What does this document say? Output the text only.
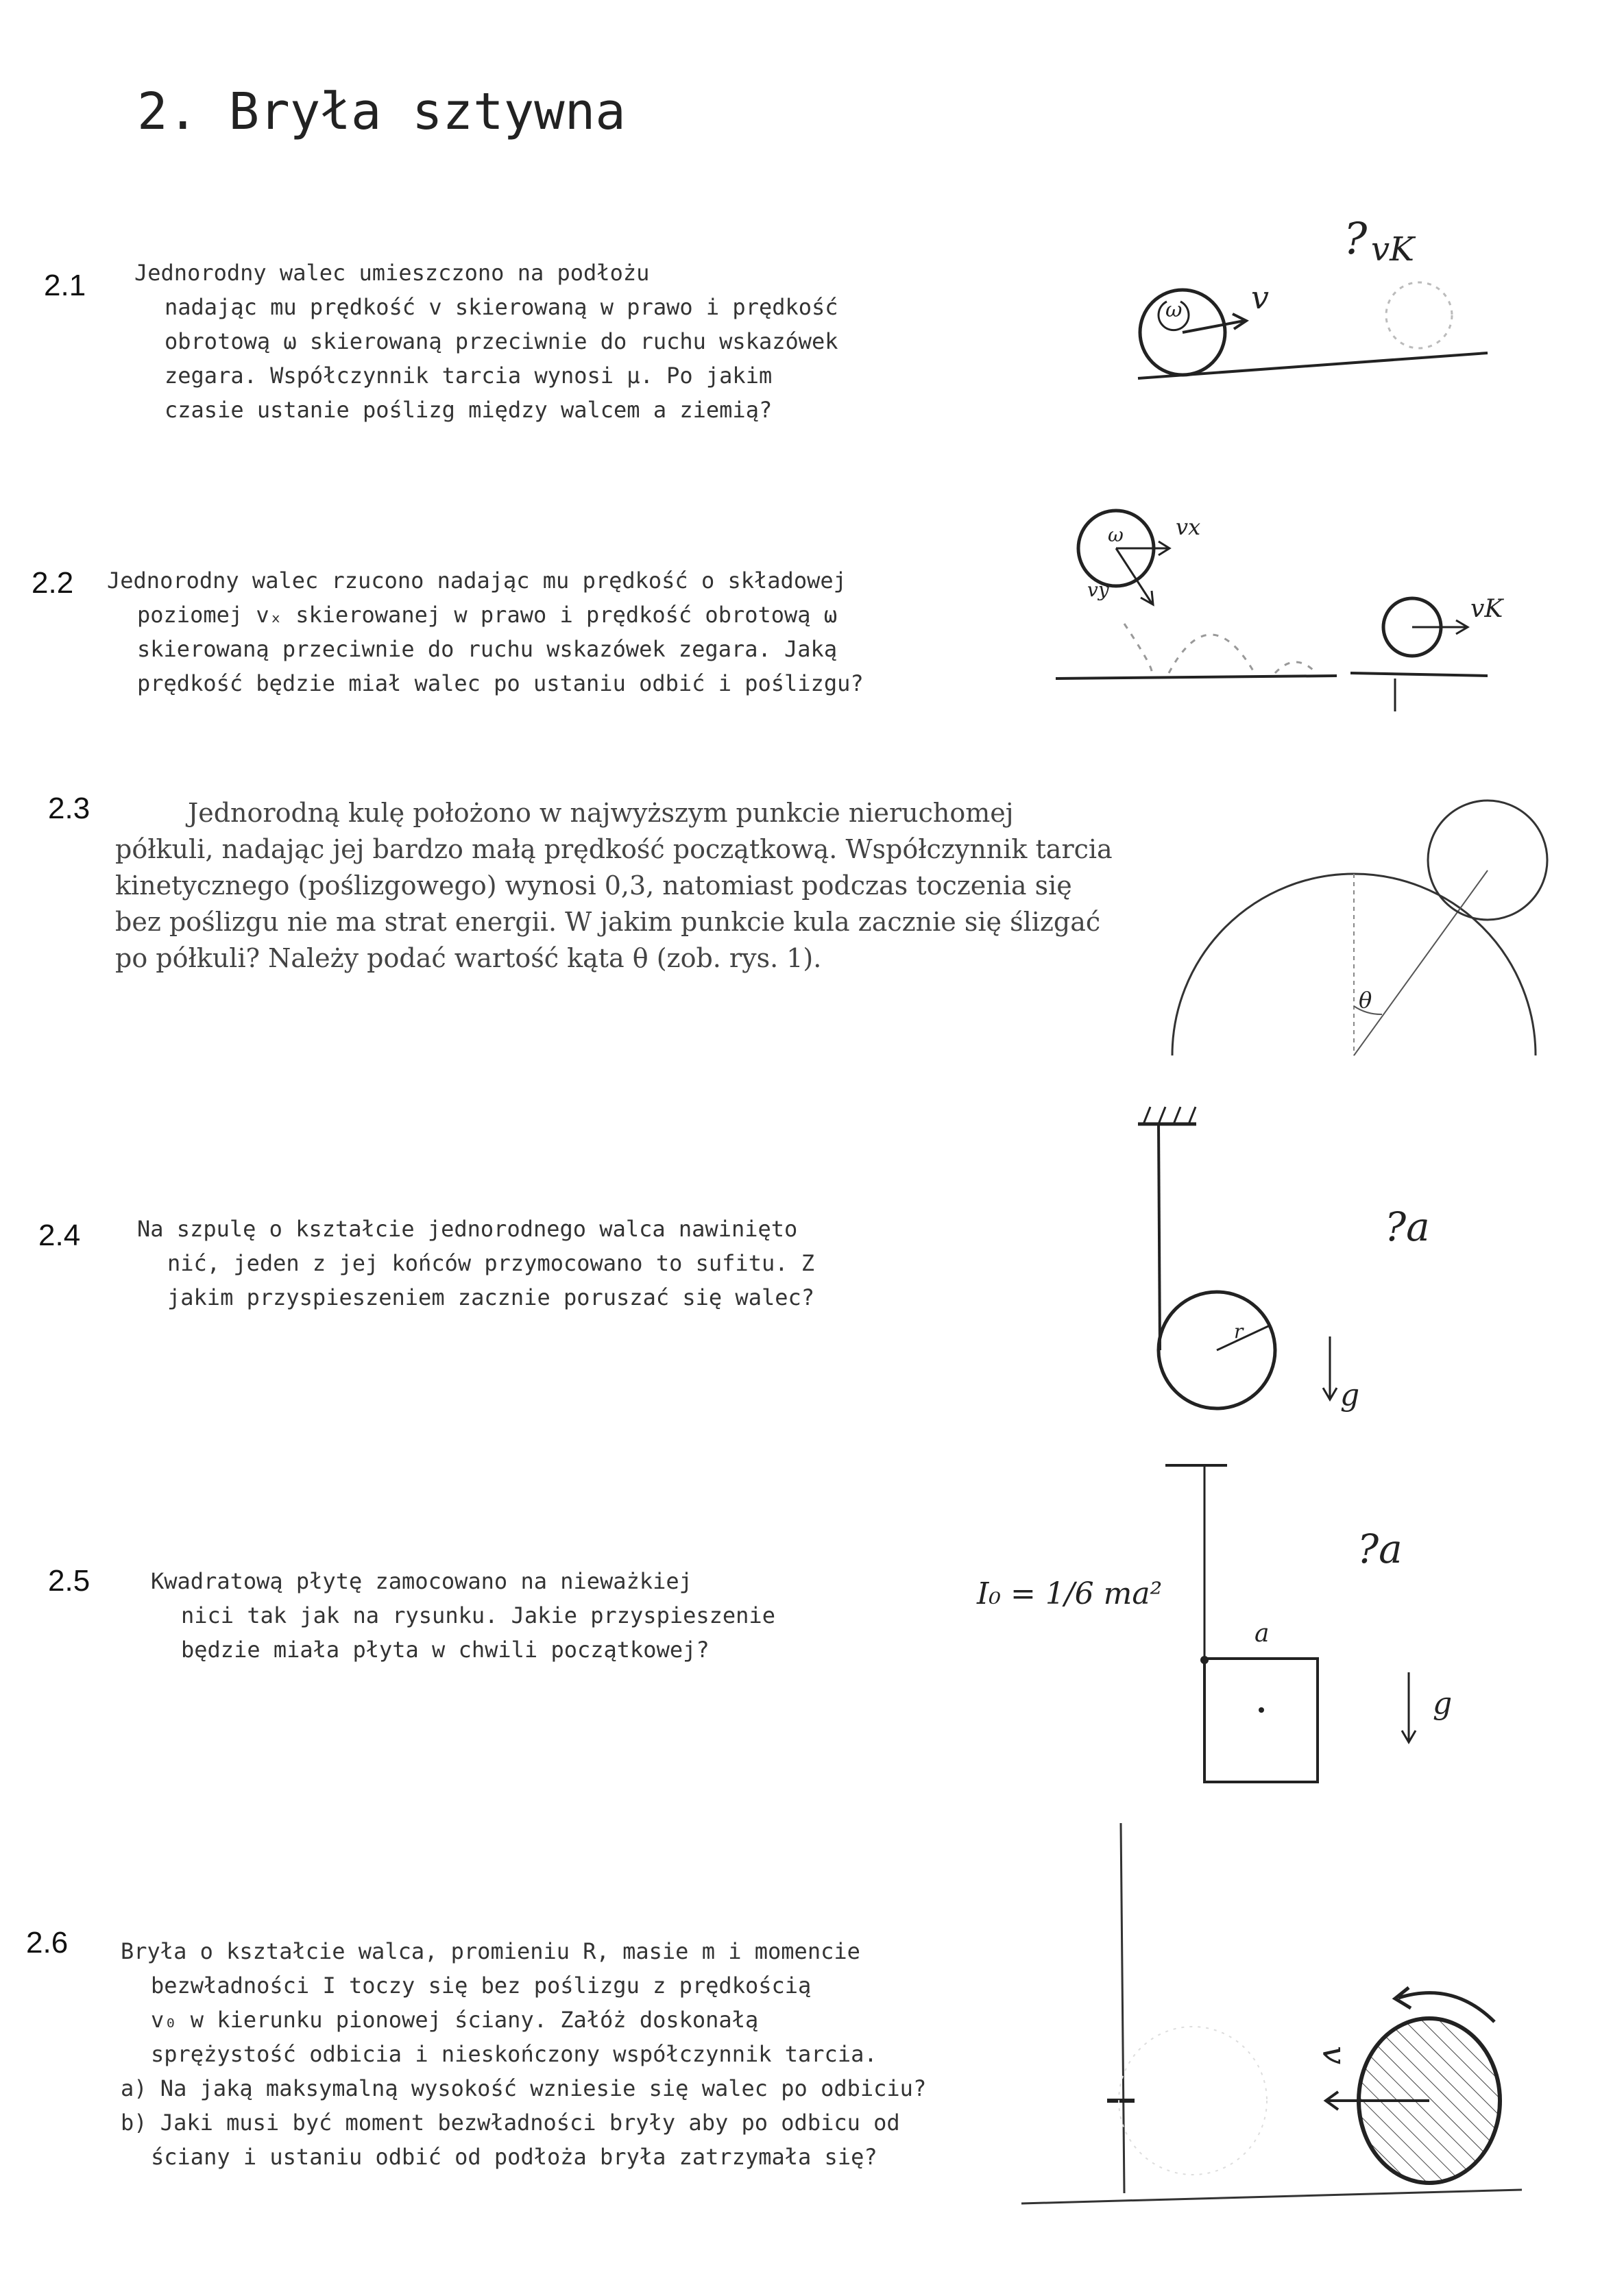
2. Bryła sztywna
2.1 Jednorodny walec umieszczono na podłożu
nadając mu prędkość v skierowaną w prawo i prędkość
obrotową ω skierowaną przeciwnie do ruchu wskazówek
zegara. Współczynnik tarcia wynosi μ. Po jakim
czasie ustanie poślizg między walcem a ziemią?
ω v
? vK
2.2 Jednorodny walec rzucono nadając mu prędkość o składowej
poziomej vₓ skierowanej w prawo i prędkość obrotową ω
skierowaną przeciwnie do ruchu wskazówek zegara. Jaką
prędkość będzie miał walec po ustaniu odbić i poślizgu?
ω vx
vy
vK
2.3	Jednorodną kulę położono w najwyższym punkcie nieruchomej
półkuli, nadając jej bardzo małą prędkość początkową. Współczynnik tarcia
kinetycznego (poślizgowego) wynosi 0,3, natomiast podczas toczenia się
bez poślizgu nie ma strat energii. W jakim punkcie kula zacznie się ślizgać
po półkuli? Należy podać wartość kąta θ (zob. rys. 1).
θ
2.4	Na szpulę o kształcie jednorodnego walca nawinięto
nić, jeden z jej końców przymocowano to sufitu. Z
jakim przyspieszeniem zacznie poruszać się walec?
r
?a
g
2.5	Kwadratową płytę zamocowano na nieważkiej
nici tak jak na rysunku. Jakie przyspieszenie
będzie miała płyta w chwili początkowej?
I₀ = 1/6 ma²
a
?a
g
2.6 Bryła o kształcie walca, promieniu R, masie m i momencie
bezwładności I toczy się bez poślizgu z prędkością
v₀ w kierunku pionowej ściany. Załóż doskonałą
sprężystość odbicia i nieskończony współczynnik tarcia.
a) Na jaką maksymalną wysokość wzniesie się walec po odbiciu?
b) Jaki musi być moment bezwładności bryły aby po odbicu od
ściany i ustaniu odbić od podłoża bryła zatrzymała się?
v
